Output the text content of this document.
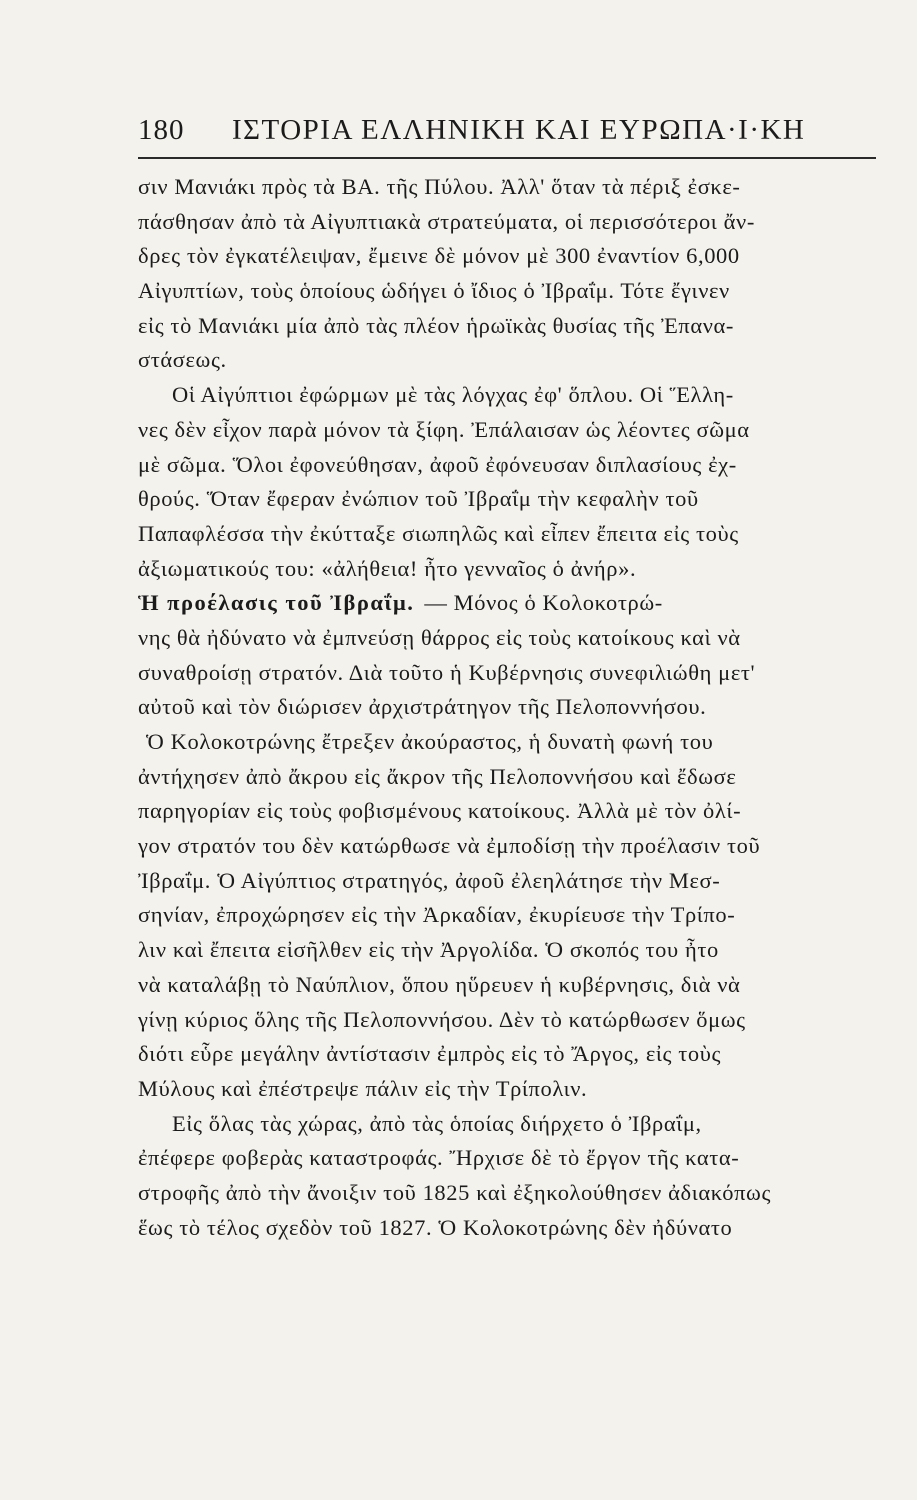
180	ΙΣΤΟΡΙΑ ΕΛΛΗΝΙΚΗ ΚΑΙ ΕΥΡΩΠΑ·Ι·ΚΗ
σιν Μανιάκι πρὸς τὰ ΒΑ. τῆς Πύλου. Ἀλλ' ὅταν τὰ πέριξ ἐσκε-
πάσθησαν ἀπὸ τὰ Αἰγυπτιακὰ στρατεύματα, οἱ περισσότεροι ἄν-
δρες τὸν ἐγκατέλειψαν, ἔμεινε δὲ μόνον μὲ 300 ἐναντίον 6,000
Αἰγυπτίων, τοὺς ὁποίους ὡδήγει ὁ ἴδιος ὁ Ἰβραΐμ. Τότε ἔγινεν
εἰς τὸ Μανιάκι μία ἀπὸ τὰς πλέον ἡρωϊκὰς θυσίας τῆς Ἐπανα-
στάσεως.
Οἱ Αἰγύπτιοι ἐφώρμων μὲ τὰς λόγχας ἐφ' ὅπλου. Οἱ Ἕλλη-
νες δὲν εἶχον παρὰ μόνον τὰ ξίφη. Ἐπάλαισαν ὡς λέοντες σῶμα
μὲ σῶμα. Ὅλοι ἐφονεύθησαν, ἀφοῦ ἐφόνευσαν διπλασίους ἐχ-
θρούς. Ὅταν ἔφεραν ἐνώπιον τοῦ Ἰβραΐμ τὴν κεφαλὴν τοῦ
Παπαφλέσσα τὴν ἐκύτταξε σιωπηλῶς καὶ εἶπεν ἔπειτα εἰς τοὺς
ἀξιωματικούς του: «ἀλήθεια! ἦτο γενναῖος ὁ ἀνήρ».
Ἡ προέλασις τοῦ Ἰβραΐμ. — Μόνος ὁ Κολοκοτρώ-
νης θὰ ἠδύνατο νὰ ἐμπνεύσῃ θάρρος εἰς τοὺς κατοίκους καὶ νὰ
συναθροίσῃ στρατόν. Διὰ τοῦτο ἡ Κυβέρνησις συνεφιλιώθη μετ'
αὐτοῦ καὶ τὸν διώρισεν ἀρχιστράτηγον τῆς Πελοποννήσου.
Ὁ Κολοκοτρώνης ἔτρεξεν ἀκούραστος, ἡ δυνατὴ φωνή του
ἀντήχησεν ἀπὸ ἄκρου εἰς ἄκρον τῆς Πελοποννήσου καὶ ἔδωσε
παρηγορίαν εἰς τοὺς φοβισμένους κατοίκους. Ἀλλὰ μὲ τὸν ὀλί-
γον στρατόν του δὲν κατώρθωσε νὰ ἐμποδίσῃ τὴν προέλασιν τοῦ
Ἰβραΐμ. Ὁ Αἰγύπτιος στρατηγός, ἀφοῦ ἐλεηλάτησε τὴν Μεσ-
σηνίαν, ἐπροχώρησεν εἰς τὴν Ἀρκαδίαν, ἐκυρίευσε τὴν Τρίπο-
λιν καὶ ἔπειτα εἰσῆλθεν εἰς τὴν Ἀργολίδα. Ὁ σκοπός του ἦτο
νὰ καταλάβῃ τὸ Ναύπλιον, ὅπου ηὕρευεν ἡ κυβέρνησις, διὰ νὰ
γίνῃ κύριος ὅλης τῆς Πελοποννήσου. Δὲν τὸ κατώρθωσεν ὅμως
διότι εὗρε μεγάλην ἀντίστασιν ἐμπρὸς εἰς τὸ Ἄργος, εἰς τοὺς
Μύλους καὶ ἐπέστρεψε πάλιν εἰς τὴν Τρίπολιν.
Εἰς ὅλας τὰς χώρας, ἀπὸ τὰς ὁποίας διήρχετο ὁ Ἰβραΐμ,
ἐπέφερε φοβερὰς καταστροφάς. Ἤρχισε δὲ τὸ ἔργον τῆς κατα-
στροφῆς ἀπὸ τὴν ἄνοιξιν τοῦ 1825 καὶ ἐξηκολούθησεν ἀδιακόπως
ἕως τὸ τέλος σχεδὸν τοῦ 1827. Ὁ Κολοκοτρώνης δὲν ἠδύνατο
